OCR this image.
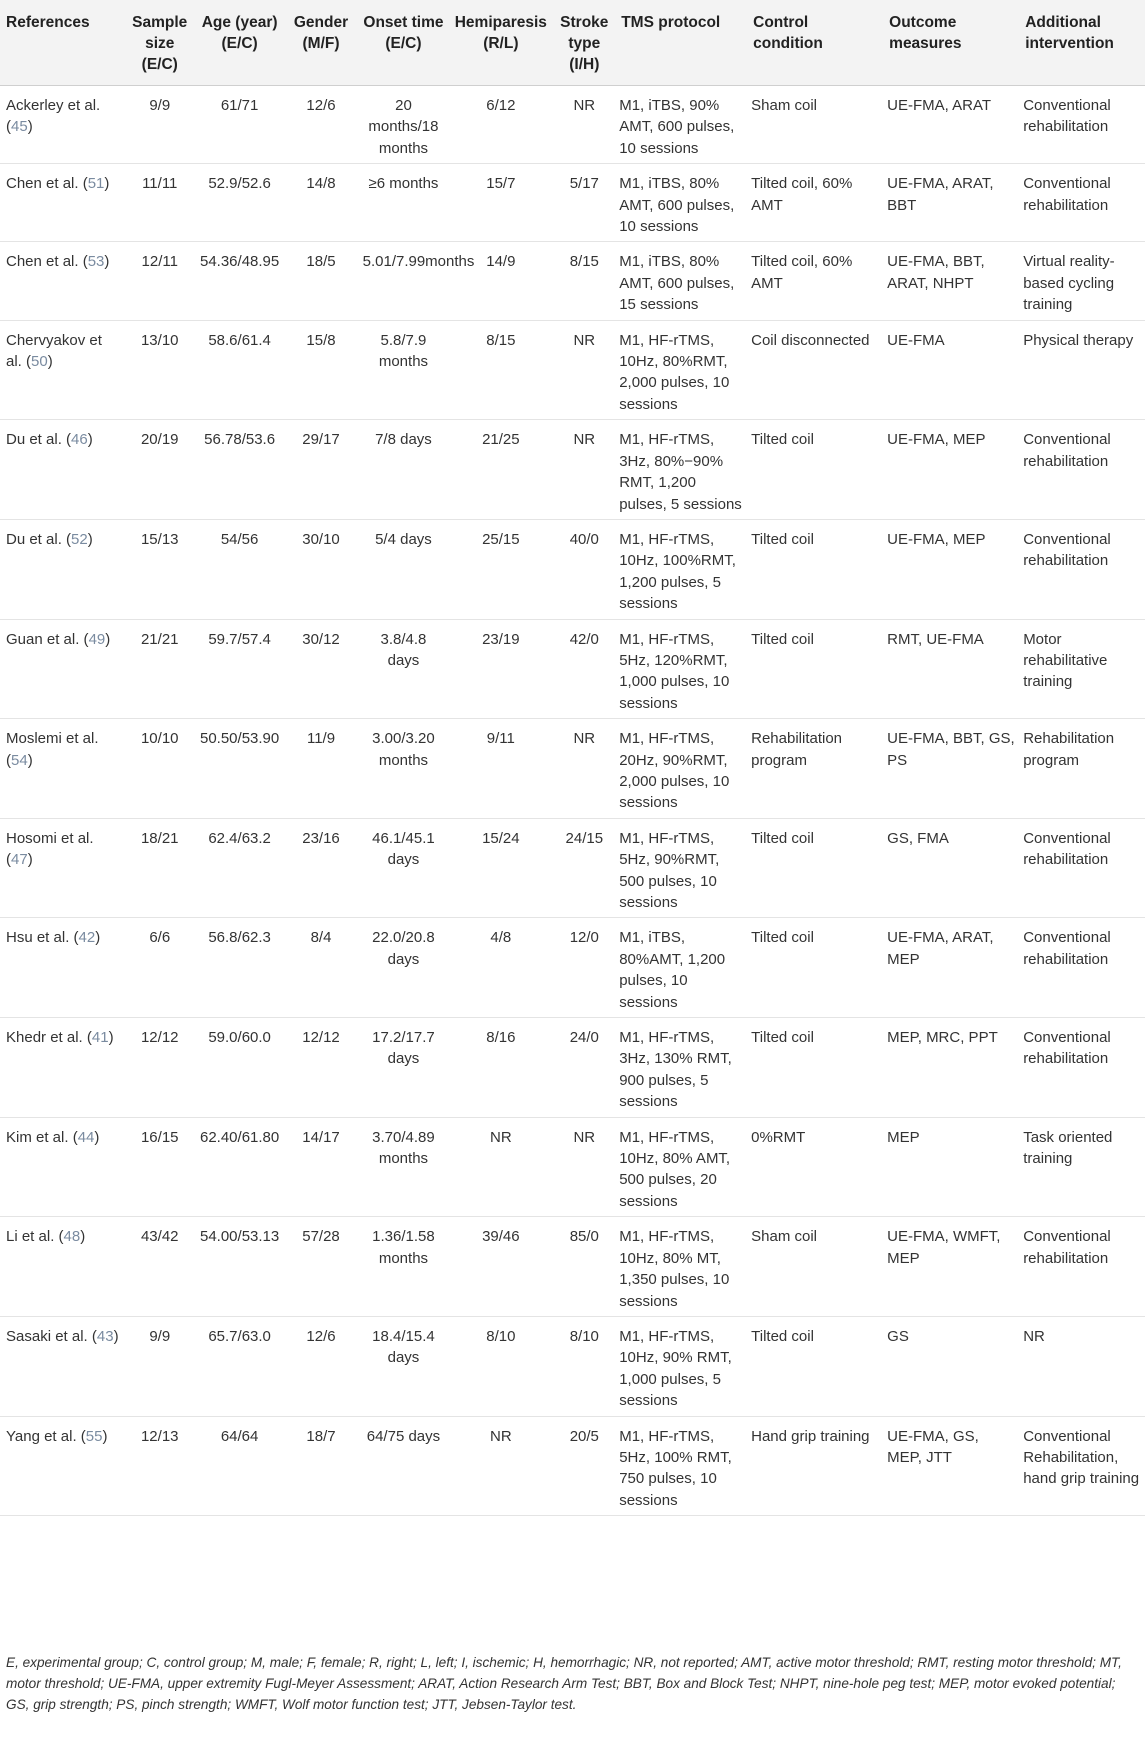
References	Sample size (E/C)	Age (year) (E/C)	Gender (M/F)	Onset time (E/C)	Hemiparesis (R/L)	Stroke type (I/H)	TMS protocol	Control condition	Outcome measures	Additional intervention
Ackerley et al. (45)	9/9	61/71	12/6	20 months/18 months	6/12	NR	M1, iTBS, 90% AMT, 600 pulses, 10 sessions	Sham coil	UE-FMA, ARAT	Conventional rehabilitation
Chen et al. (51)	11/11	52.9/52.6	14/8	≥6 months	15/7	5/17	M1, iTBS, 80% AMT, 600 pulses, 10 sessions	Tilted coil, 60% AMT	UE-FMA, ARAT, BBT	Conventional rehabilitation
Chen et al. (53)	12/11	54.36/48.95	18/5	5.01/7.99months	14/9	8/15	M1, iTBS, 80% AMT, 600 pulses, 15 sessions	Tilted coil, 60% AMT	UE-FMA, BBT, ARAT, NHPT	Virtual reality-based cycling training
Chervyakov et al. (50)	13/10	58.6/61.4	15/8	5.8/7.9 months	8/15	NR	M1, HF-rTMS, 10Hz, 80%RMT, 2,000 pulses, 10 sessions	Coil disconnected	UE-FMA	Physical therapy
Du et al. (46)	20/19	56.78/53.6	29/17	7/8 days	21/25	NR	M1, HF-rTMS, 3Hz, 80%−90% RMT, 1,200 pulses, 5 sessions	Tilted coil	UE-FMA, MEP	Conventional rehabilitation
Du et al. (52)	15/13	54/56	30/10	5/4 days	25/15	40/0	M1, HF-rTMS, 10Hz, 100%RMT, 1,200 pulses, 5 sessions	Tilted coil	UE-FMA, MEP	Conventional rehabilitation
Guan et al. (49)	21/21	59.7/57.4	30/12	3.8/4.8 days	23/19	42/0	M1, HF-rTMS, 5Hz, 120%RMT, 1,000 pulses, 10 sessions	Tilted coil	RMT, UE-FMA	Motor rehabilitative training
Moslemi et al. (54)	10/10	50.50/53.90	11/9	3.00/3.20 months	9/11	NR	M1, HF-rTMS, 20Hz, 90%RMT, 2,000 pulses, 10 sessions	Rehabilitation program	UE-FMA, BBT, GS, PS	Rehabilitation program
Hosomi et al. (47)	18/21	62.4/63.2	23/16	46.1/45.1 days	15/24	24/15	M1, HF-rTMS, 5Hz, 90%RMT, 500 pulses, 10 sessions	Tilted coil	GS, FMA	Conventional rehabilitation
Hsu et al. (42)	6/6	56.8/62.3	8/4	22.0/20.8 days	4/8	12/0	M1, iTBS, 80%AMT, 1,200 pulses, 10 sessions	Tilted coil	UE-FMA, ARAT, MEP	Conventional rehabilitation
Khedr et al. (41)	12/12	59.0/60.0	12/12	17.2/17.7 days	8/16	24/0	M1, HF-rTMS, 3Hz, 130% RMT, 900 pulses, 5 sessions	Tilted coil	MEP, MRC, PPT	Conventional rehabilitation
Kim et al. (44)	16/15	62.40/61.80	14/17	3.70/4.89 months	NR	NR	M1, HF-rTMS, 10Hz, 80% AMT, 500 pulses, 20 sessions	0%RMT	MEP	Task oriented training
Li et al. (48)	43/42	54.00/53.13	57/28	1.36/1.58 months	39/46	85/0	M1, HF-rTMS, 10Hz, 80% MT, 1,350 pulses, 10 sessions	Sham coil	UE-FMA, WMFT, MEP	Conventional rehabilitation
Sasaki et al. (43)	9/9	65.7/63.0	12/6	18.4/15.4 days	8/10	8/10	M1, HF-rTMS, 10Hz, 90% RMT, 1,000 pulses, 5 sessions	Tilted coil	GS	NR
Yang et al. (55)	12/13	64/64	18/7	64/75 days	NR	20/5	M1, HF-rTMS, 5Hz, 100% RMT, 750 pulses, 10 sessions	Hand grip training	UE-FMA, GS, MEP, JTT	Conventional Rehabilitation, hand grip training
E, experimental group; C, control group; M, male; F, female; R, right; L, left; I, ischemic; H, hemorrhagic; NR, not reported; AMT, active motor threshold; RMT, resting motor threshold; MT, motor threshold; UE-FMA, upper extremity Fugl-Meyer Assessment; ARAT, Action Research Arm Test; BBT, Box and Block Test; NHPT, nine-hole peg test; MEP, motor evoked potential; GS, grip strength; PS, pinch strength; WMFT, Wolf motor function test; JTT, Jebsen-Taylor test.
